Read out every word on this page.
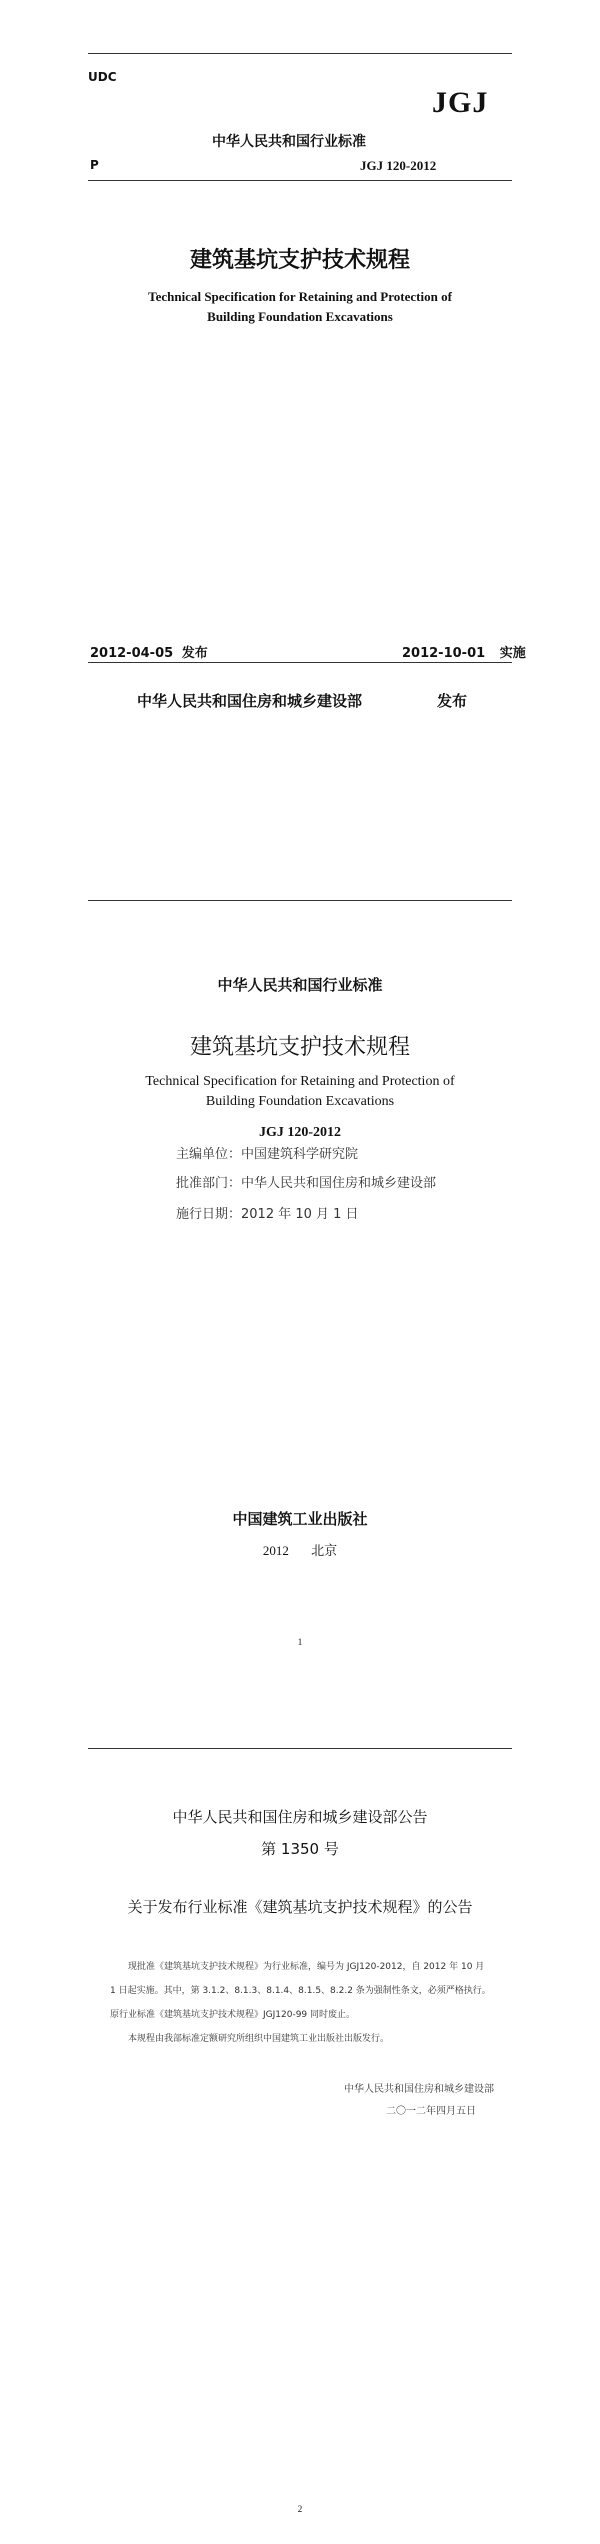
UDC
JGJ
中华人民共和国行业标准
P	JGJ 120-2012
建筑基坑支护技术规程
Technical Specification for Retaining and Protection of
Building Foundation Excavations
2012-04-05 发布	2012-10-01 实施
中华人民共和国住房和城乡建设部	发布
中华人民共和国行业标准
建筑基坑支护技术规程
Technical Specification for Retaining and Protection of
Building Foundation Excavations
JGJ 120-2012
主编单位：中国建筑科学研究院
批准部门：中华人民共和国住房和城乡建设部
施行日期：2012 年 10 月 1 日
中国建筑工业出版社
2012 北京
1
中华人民共和国住房和城乡建设部公告
第 1350 号
关于发布行业标准《建筑基坑支护技术规程》的公告
现批准《建筑基坑支护技术规程》为行业标准，编号为 JGJ120-2012，自 2012 年 10 月
1 日起实施。其中，第 3.1.2、8.1.3、8.1.4、8.1.5、8.2.2 条为强制性条文，必须严格执行。
原行业标准《建筑基坑支护技术规程》JGJ120-99 同时废止。
本规程由我部标准定额研究所组织中国建筑工业出版社出版发行。
中华人民共和国住房和城乡建设部
二〇一二年四月五日
2
